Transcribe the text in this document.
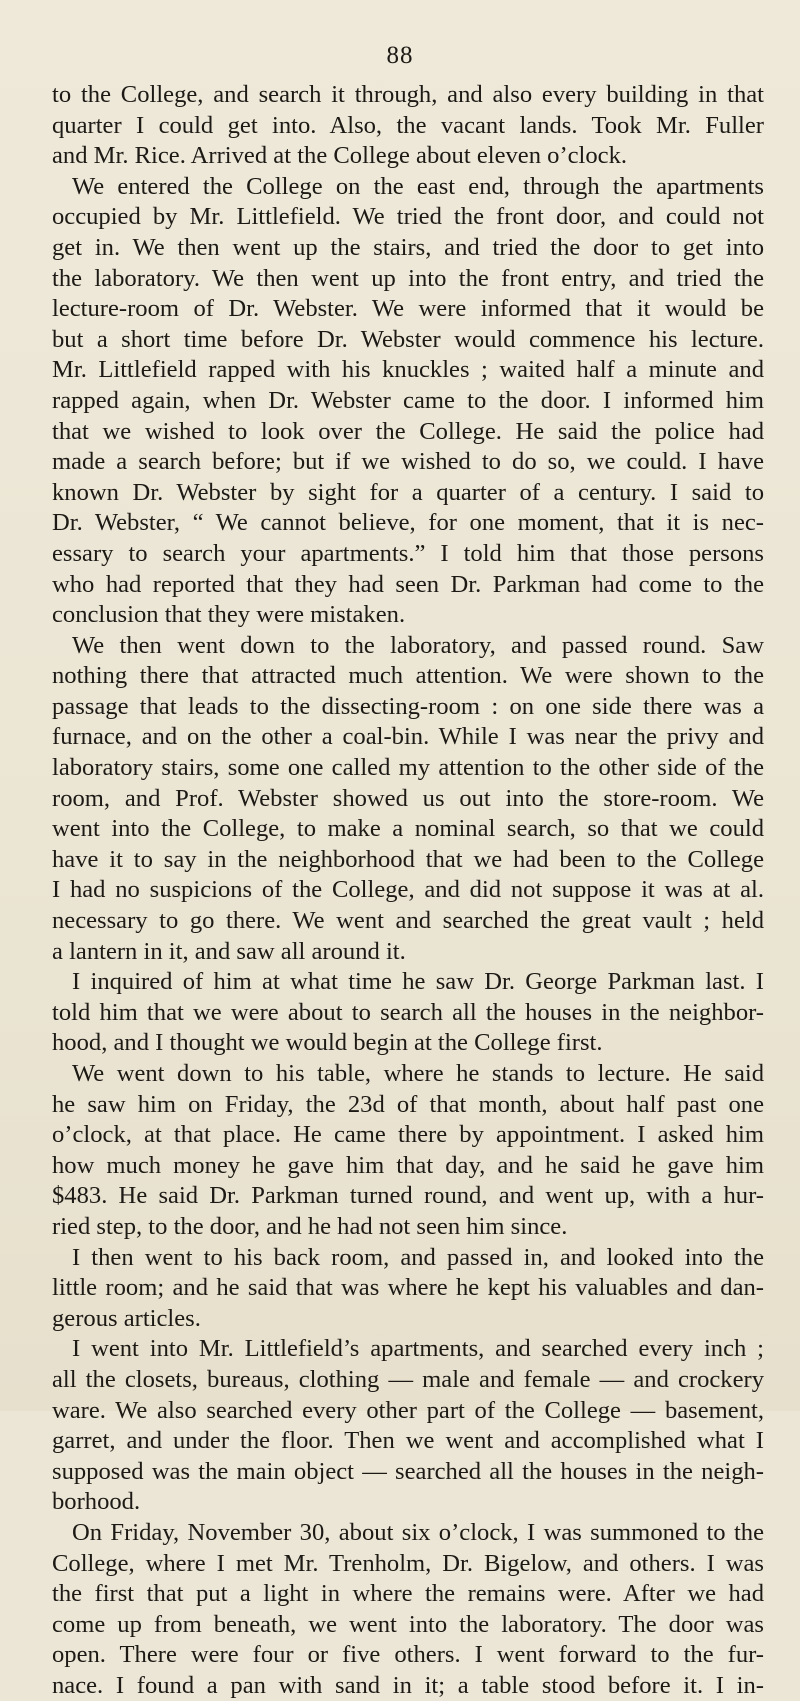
88
to the College, and search it through, and also every building in that
quarter I could get into. Also, the vacant lands. Took Mr. Fuller
and Mr. Rice. Arrived at the College about eleven o’clock.
We entered the College on the east end, through the apartments
occupied by Mr. Littlefield. We tried the front door, and could not
get in. We then went up the stairs, and tried the door to get into
the laboratory. We then went up into the front entry, and tried the
lecture-room of Dr. Webster. We were informed that it would be
but a short time before Dr. Webster would commence his lecture.
Mr. Littlefield rapped with his knuckles ; waited half a minute and
rapped again, when Dr. Webster came to the door. I informed him
that we wished to look over the College. He said the police had
made a search before; but if we wished to do so, we could. I have
known Dr. Webster by sight for a quarter of a century. I said to
Dr. Webster, “ We cannot believe, for one moment, that it is nec-
essary to search your apartments.” I told him that those persons
who had reported that they had seen Dr. Parkman had come to the
conclusion that they were mistaken.
We then went down to the laboratory, and passed round. Saw
nothing there that attracted much attention. We were shown to the
passage that leads to the dissecting-room : on one side there was a
furnace, and on the other a coal-bin. While I was near the privy and
laboratory stairs, some one called my attention to the other side of the
room, and Prof. Webster showed us out into the store-room. We
went into the College, to make a nominal search, so that we could
have it to say in the neighborhood that we had been to the College
I had no suspicions of the College, and did not suppose it was at al.
necessary to go there. We went and searched the great vault ; held
a lantern in it, and saw all around it.
I inquired of him at what time he saw Dr. George Parkman last. I
told him that we were about to search all the houses in the neighbor-
hood, and I thought we would begin at the College first.
We went down to his table, where he stands to lecture. He said
he saw him on Friday, the 23d of that month, about half past one
o’clock, at that place. He came there by appointment. I asked him
how much money he gave him that day, and he said he gave him
$483. He said Dr. Parkman turned round, and went up, with a hur-
ried step, to the door, and he had not seen him since.
I then went to his back room, and passed in, and looked into the
little room; and he said that was where he kept his valuables and dan-
gerous articles.
I went into Mr. Littlefield’s apartments, and searched every inch ;
all the closets, bureaus, clothing — male and female — and crockery
ware. We also searched every other part of the College — basement,
garret, and under the floor. Then we went and accomplished what I
supposed was the main object — searched all the houses in the neigh-
borhood.
On Friday, November 30, about six o’clock, I was summoned to the
College, where I met Mr. Trenholm, Dr. Bigelow, and others. I was
the first that put a light in where the remains were. After we had
come up from beneath, we went into the laboratory. The door was
open. There were four or five others. I went forward to the fur-
nace. I found a pan with sand in it; a table stood before it. I in-
